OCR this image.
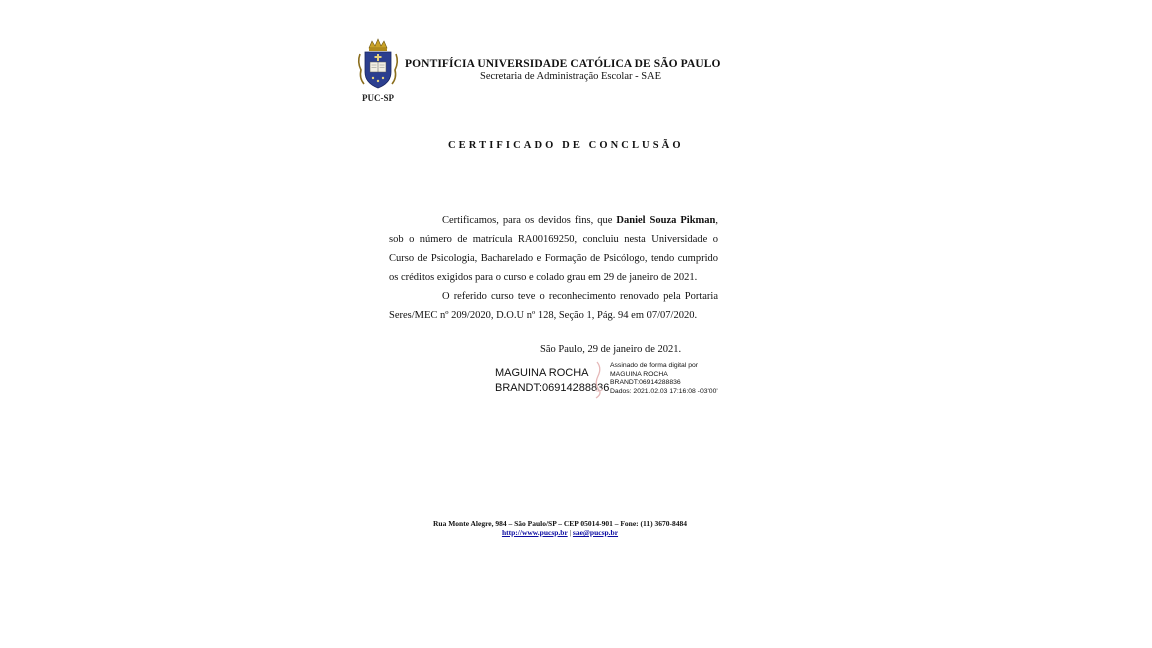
PUC-SP
PONTIFÍCIA UNIVERSIDADE CATÓLICA DE SÃO PAULO
Secretaria de Administração Escolar - SAE
CERTIFICADO DE CONCLUSÃO

Certificamos, para os devidos fins, que Daniel Souza Pikman, sob o número de matrícula RA00169250, concluiu nesta Universidade o Curso de Psicologia, Bacharelado e Formação de Psicólogo, tendo cumprido os créditos exigidos para o curso e colado grau em 29 de janeiro de 2021.

O referido curso teve o reconhecimento renovado pela Portaria Seres/MEC nº 209/2020, D.O.U nº 128, Seção 1, Pág. 94 em 07/07/2020.

São Paulo, 29 de janeiro de 2021.
MAGUINA ROCHA
BRANDT:06914288836
Assinado de forma digital por
MAGUINA ROCHA
BRANDT:06914288836
Dados: 2021.02.03 17:16:08 -03'00'
Rua Monte Alegre, 984 – São Paulo/SP – CEP 05014-901 – Fone: (11) 3670-8484
http://www.pucsp.br | sae@pucsp.br
